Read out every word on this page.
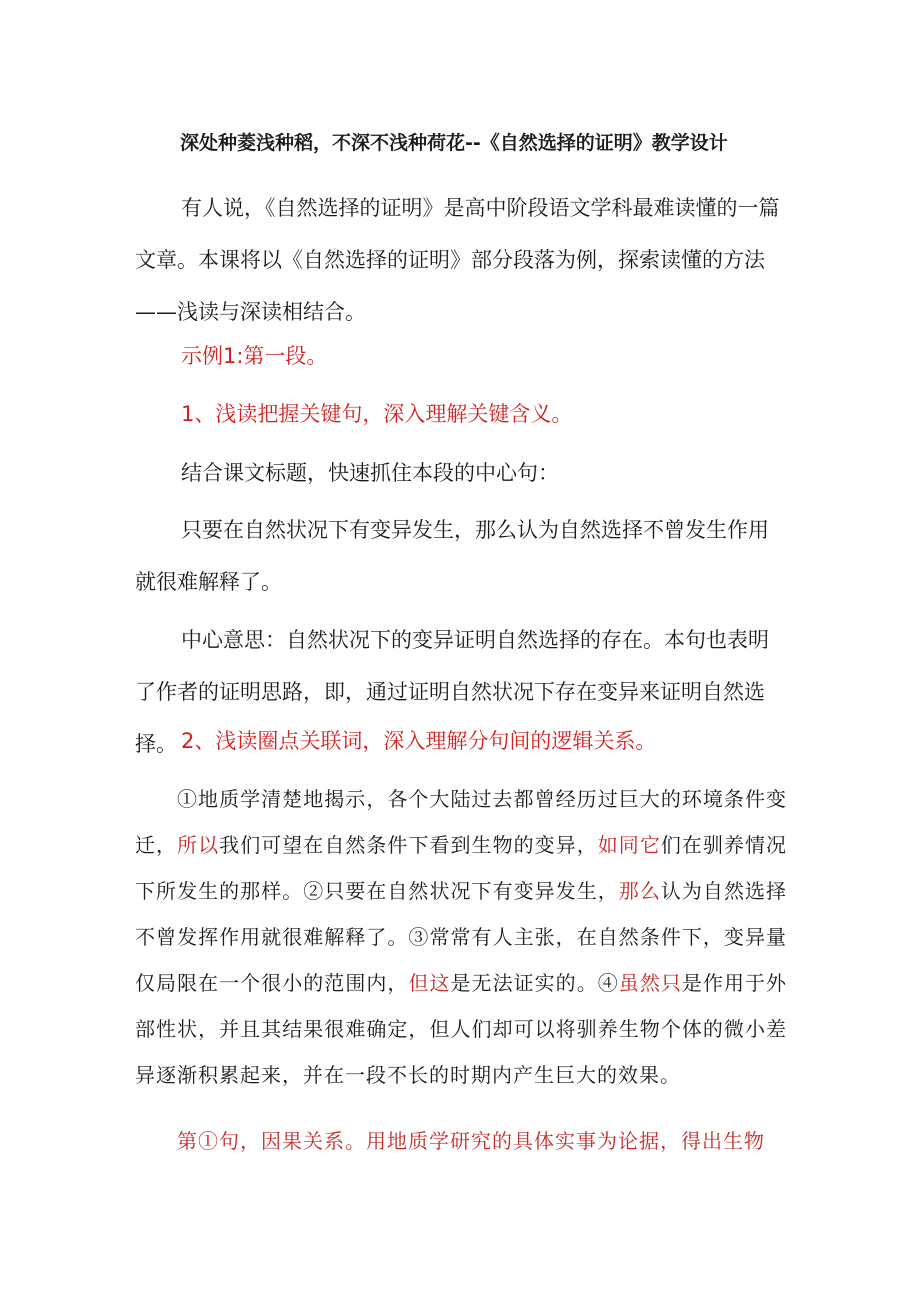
深处种菱浅种稻，不深不浅种荷花--《自然选择的证明》教学设计

有人说，《自然选择的证明》是高中阶段语文学科最难读懂的一篇文章。本课将以《自然选择的证明》部分段落为例，探索读懂的方法——浅读与深读相结合。

示例1:第一段。
1、浅读把握关键句，深入理解关键含义。
结合课文标题，快速抓住本段的中心句：

只要在自然状况下有变异发生，那么认为自然选择不曾发生作用就很难解释了。

中心意思：自然状况下的变异证明自然选择的存在。本句也表明了作者的证明思路，即，通过证明自然状况下存在变异来证明自然选择。 2、浅读圈点关联词，深入理解分句间的逻辑关系。

①地质学清楚地揭示，各个大陆过去都曾经历过巨大的环境条件变迁，所以我们可望在自然条件下看到生物的变异，如同它们在驯养情况下所发生的那样。②只要在自然状况下有变异发生，那么认为自然选择不曾发挥作用就很难解释了。③常常有人主张，在自然条件下，变异量仅局限在一个很小的范围内，但这是无法证实的。④虽然只是作用于外部性状，并且其结果很难确定，但人们却可以将驯养生物个体的微小差异逐渐积累起来，并在一段不长的时期内产生巨大的效果。

第①句，因果关系。用地质学研究的具体实事为论据，得出生物
